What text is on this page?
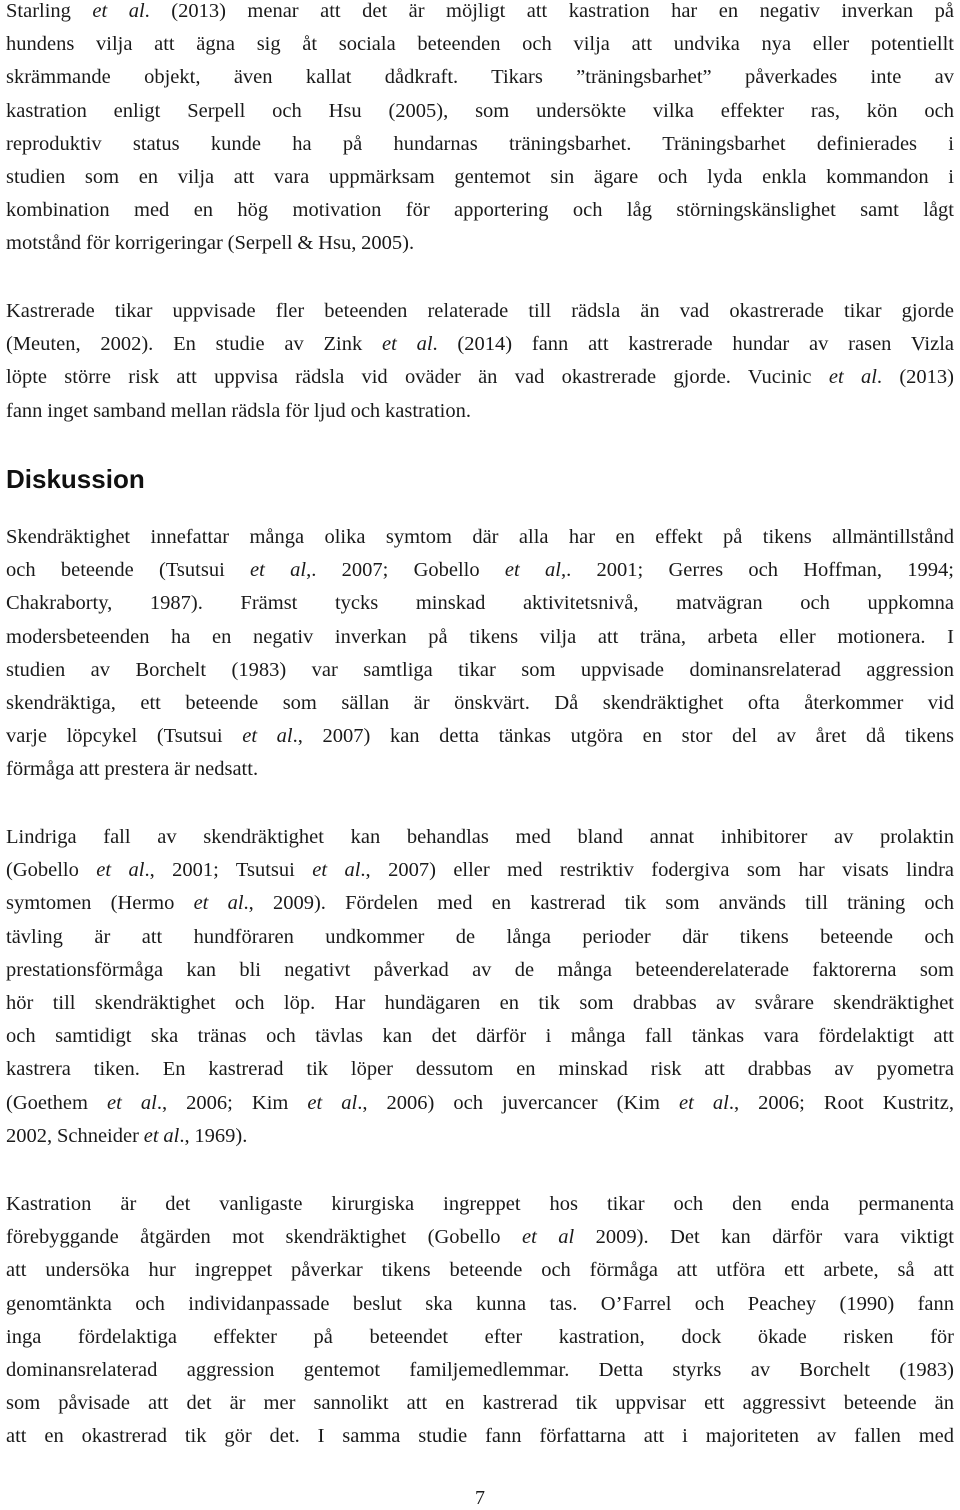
Starling et al. (2013) menar att det är möjligt att kastration har en negativ inverkan på
hundens vilja att ägna sig åt sociala beteenden och vilja att undvika nya eller potentiellt
skrämmande objekt, även kallat dådkraft. Tikars ”träningsbarhet” påverkades inte av
kastration enligt Serpell och Hsu (2005), som undersökte vilka effekter ras, kön och
reproduktiv status kunde ha på hundarnas träningsbarhet. Träningsbarhet definierades i
studien som en vilja att vara uppmärksam gentemot sin ägare och lyda enkla kommandon i
kombination med en hög motivation för apportering och låg störningskänslighet samt lågt
motstånd för korrigeringar (Serpell & Hsu, 2005).
Kastrerade tikar uppvisade fler beteenden relaterade till rädsla än vad okastrerade tikar gjorde
(Meuten, 2002). En studie av Zink et al. (2014) fann att kastrerade hundar av rasen Vizla
löpte större risk att uppvisa rädsla vid oväder än vad okastrerade gjorde. Vucinic et al. (2013)
fann inget samband mellan rädsla för ljud och kastration.
Diskussion
Skendräktighet innefattar många olika symtom där alla har en effekt på tikens allmäntillstånd
och beteende (Tsutsui et al,. 2007; Gobello et al,. 2001; Gerres och Hoffman, 1994;
Chakraborty, 1987). Främst tycks minskad aktivitetsnivå, matvägran och uppkomna
modersbeteenden ha en negativ inverkan på tikens vilja att träna, arbeta eller motionera. I
studien av Borchelt (1983) var samtliga tikar som uppvisade dominansrelaterad aggression
skendräktiga, ett beteende som sällan är önskvärt. Då skendräktighet ofta återkommer vid
varje löpcykel (Tsutsui et al., 2007) kan detta tänkas utgöra en stor del av året då tikens
förmåga att prestera är nedsatt.
Lindriga fall av skendräktighet kan behandlas med bland annat inhibitorer av prolaktin
(Gobello et al., 2001; Tsutsui et al., 2007) eller med restriktiv fodergiva som har visats lindra
symtomen (Hermo et al., 2009). Fördelen med en kastrerad tik som används till träning och
tävling är att hundföraren undkommer de långa perioder där tikens beteende och
prestationsförmåga kan bli negativt påverkad av de många beteenderelaterade faktorerna som
hör till skendräktighet och löp. Har hundägaren en tik som drabbas av svårare skendräktighet
och samtidigt ska tränas och tävlas kan det därför i många fall tänkas vara fördelaktigt att
kastrera tiken. En kastrerad tik löper dessutom en minskad risk att drabbas av pyometra
(Goethem et al., 2006; Kim et al., 2006) och juvercancer (Kim et al., 2006; Root Kustritz,
2002, Schneider et al., 1969).
Kastration är det vanligaste kirurgiska ingreppet hos tikar och den enda permanenta
förebyggande åtgärden mot skendräktighet (Gobello et al 2009). Det kan därför vara viktigt
att undersöka hur ingreppet påverkar tikens beteende och förmåga att utföra ett arbete, så att
genomtänkta och individanpassade beslut ska kunna tas. O’Farrel och Peachey (1990) fann
inga fördelaktiga effekter på beteendet efter kastration, dock ökade risken för
dominansrelaterad aggression gentemot familjemedlemmar. Detta styrks av Borchelt (1983)
som påvisade att det är mer sannolikt att en kastrerad tik uppvisar ett aggressivt beteende än
att en okastrerad tik gör det. I samma studie fann författarna att i majoriteten av fallen med
7
